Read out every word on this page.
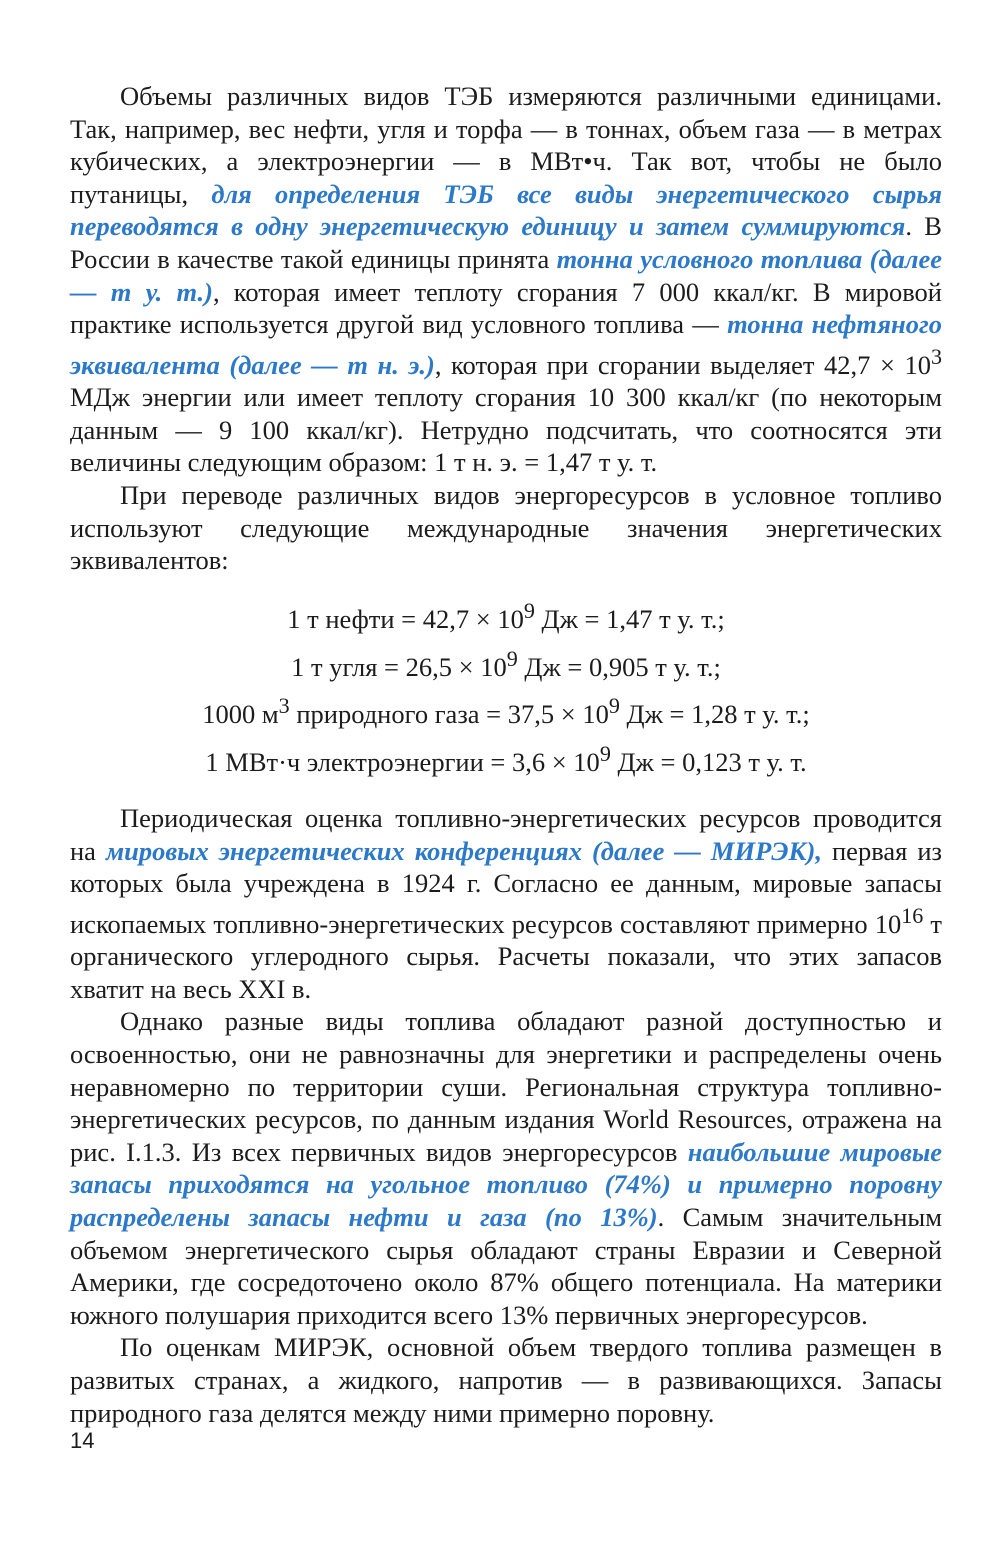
Объемы различных видов ТЭБ измеряются различными единицами. Так, например, вес нефти, угля и торфа — в тоннах, объем газа — в метрах кубических, а электроэнергии — в МВт•ч. Так вот, чтобы не было путаницы, для определения ТЭБ все виды энергетического сырья переводятся в одну энергетическую единицу и затем суммируются. В России в качестве такой единицы принята тонна условного топлива (далее — т у. т.), которая имеет теплоту сгорания 7 000 ккал/кг. В мировой практике используется другой вид условного топлива — тонна нефтяного эквивалента (далее — т н. э.), которая при сгорании выделяет $42,7 \times 10^3$ МДж энергии или имеет теплоту сгорания 10 300 ккал/кг (по некоторым данным — 9 100 ккал/кг). Нетрудно подсчитать, что соотносятся эти величины следующим образом: 1 т н. э. = 1,47 т у. т.

При переводе различных видов энергоресурсов в условное топливо используют следующие международные значения энергетических эквивалентов:

1 т нефти = $42,7 \times 10^9$ Дж = 1,47 т у. т.;
1 т угля = $26,5 \times 10^9$ Дж = 0,905 т у. т.;
1000 $м^3$ природного газа = $37,5 \times 10^9$ Дж = 1,28 т у. т.;
1 МВт·ч электроэнергии = $3,6 \times 10^9$ Дж = 0,123 т у. т.

Периодическая оценка топливно-энергетических ресурсов проводится на мировых энергетических конференциях (далее — МИРЭК), первая из которых была учреждена в 1924 г. Согласно ее данным, мировые запасы ископаемых топливно-энергетических ресурсов составляют примерно $10^{16}$ т органического углеродного сырья. Расчеты показали, что этих запасов хватит на весь XXI в.

Однако разные виды топлива обладают разной доступностью и освоенностью, они не равнозначны для энергетики и распределены очень неравномерно по территории суши. Региональная структура топливно-энергетических ресурсов, по данным издания World Resources, отражена на рис. I.1.3. Из всех первичных видов энергоресурсов наибольшие мировые запасы приходятся на угольное топливо (74%) и примерно поровну распределены запасы нефти и газа (по 13%). Самым значительным объемом энергетического сырья обладают страны Евразии и Северной Америки, где сосредоточено около 87% общего потенциала. На материки южного полушария приходится всего 13% первичных энергоресурсов.

По оценкам МИРЭК, основной объем твердого топлива размещен в развитых странах, а жидкого, напротив — в развивающихся. Запасы природного газа делятся между ними примерно поровну.

14
